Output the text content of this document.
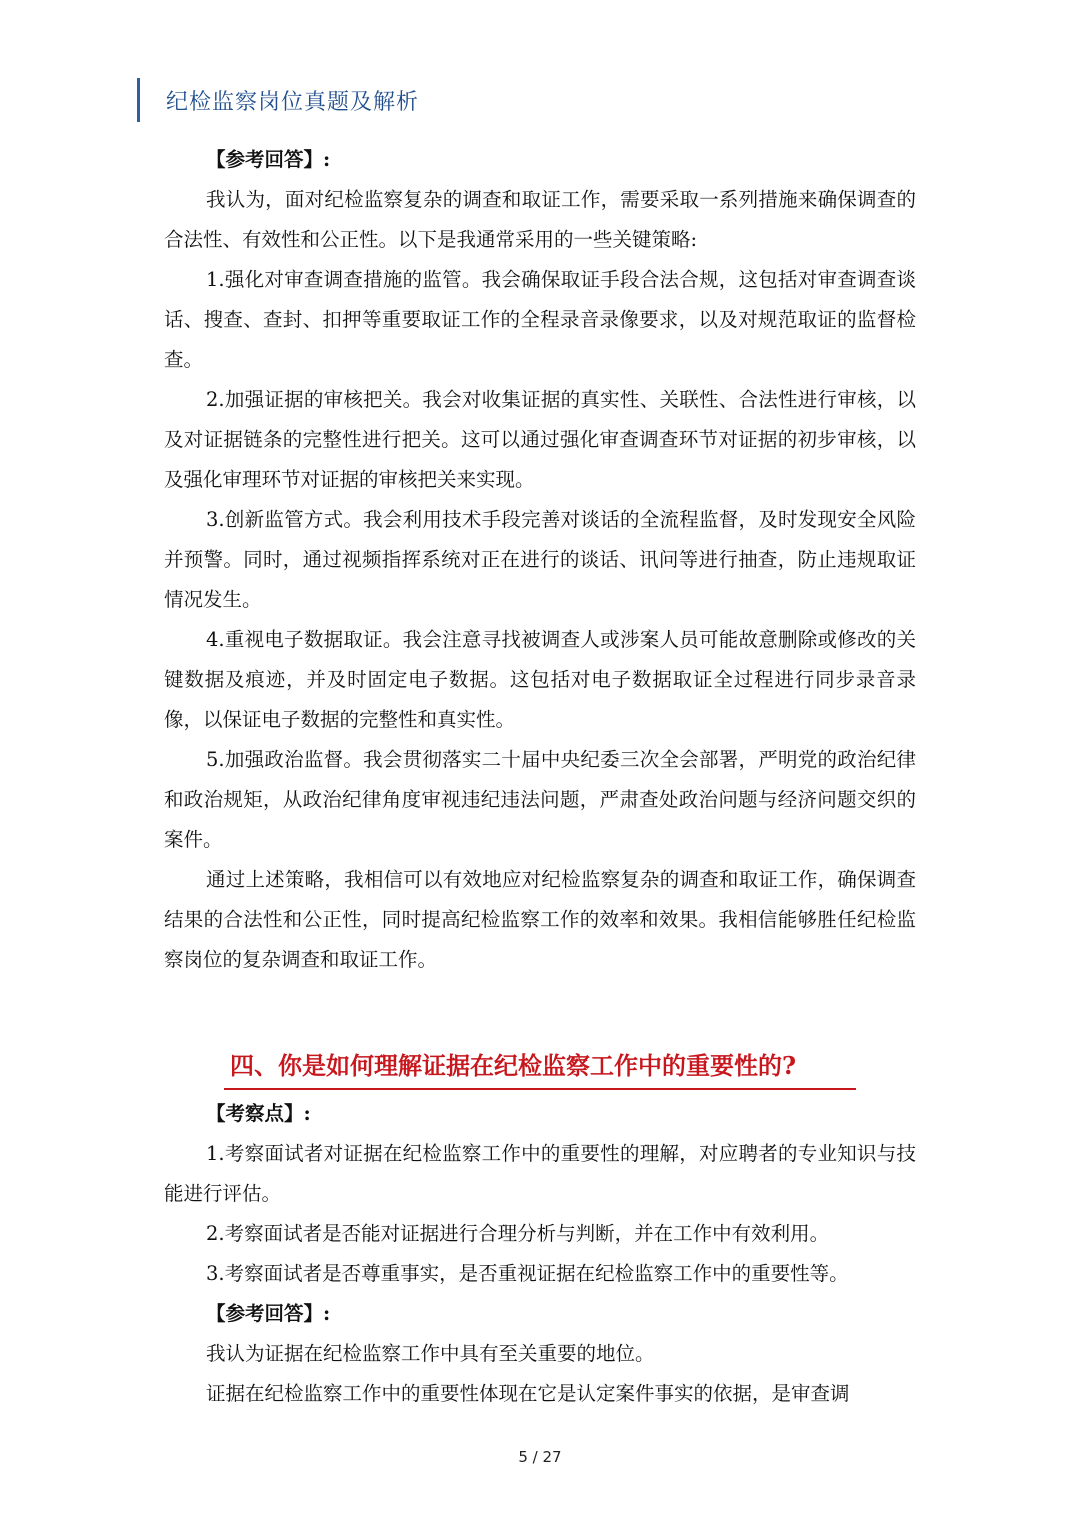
纪检监察岗位真题及解析
【参考回答】:

我认为，面对纪检监察复杂的调查和取证工作，需要采取一系列措施来确保调查的合法性、有效性和公正性。以下是我通常采用的一些关键策略:

1.强化对审查调查措施的监管。我会确保取证手段合法合规，这包括对审查调查谈话、搜查、查封、扣押等重要取证工作的全程录音录像要求，以及对规范取证的监督检查。

2.加强证据的审核把关。我会对收集证据的真实性、关联性、合法性进行审核，以及对证据链条的完整性进行把关。这可以通过强化审查调查环节对证据的初步审核，以及强化审理环节对证据的审核把关来实现。

3.创新监管方式。我会利用技术手段完善对谈话的全流程监督，及时发现安全风险并预警。同时，通过视频指挥系统对正在进行的谈话、讯问等进行抽查，防止违规取证情况发生。

4.重视电子数据取证。我会注意寻找被调查人或涉案人员可能故意删除或修改的关键数据及痕迹，并及时固定电子数据。这包括对电子数据取证全过程进行同步录音录像，以保证电子数据的完整性和真实性。

5.加强政治监督。我会贯彻落实二十届中央纪委三次全会部署，严明党的政治纪律和政治规矩，从政治纪律角度审视违纪违法问题，严肃查处政治问题与经济问题交织的案件。

通过上述策略，我相信可以有效地应对纪检监察复杂的调查和取证工作，确保调查结果的合法性和公正性，同时提高纪检监察工作的效率和效果。我相信能够胜任纪检监察岗位的复杂调查和取证工作。

四、你是如何理解证据在纪检监察工作中的重要性的?
【考察点】:

1.考察面试者对证据在纪检监察工作中的重要性的理解，对应聘者的专业知识与技能进行评估。

2.考察面试者是否能对证据进行合理分析与判断，并在工作中有效利用。

3.考察面试者是否尊重事实，是否重视证据在纪检监察工作中的重要性等。

【参考回答】:

我认为证据在纪检监察工作中具有至关重要的地位。

证据在纪检监察工作中的重要性体现在它是认定案件事实的依据，是审查调

5 / 27
